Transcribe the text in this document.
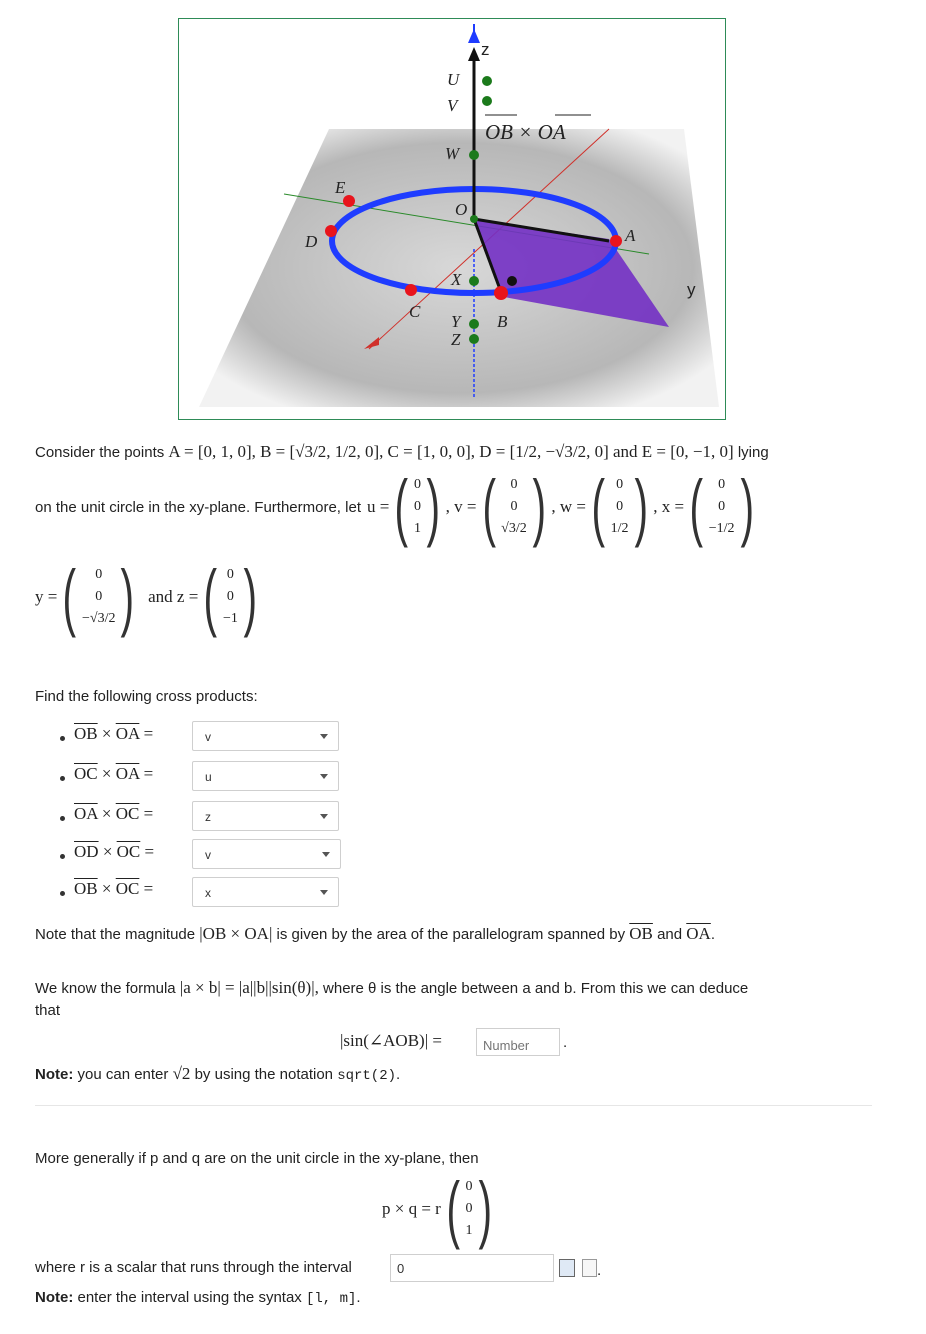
z
y
U
V
W
O
X
Y
Z
A
B
C
D
E
OB × OA
Consider the points A = [0, 1, 0], B = [√3/2, 1/2, 0], C = [1, 0, 0], D = [1/2, −√3/2, 0] and E = [0, −1, 0] lying
on the unit circle in the xy-plane. Furthermore, let u = ( 0
0
1 ) , v = ( 0
0
√3/2 ) , w = ( 0
0
1/2 ) , x = ( 0
0
−1/2 )
y = ( 0
0
−√3/2 ) and z = ( 0
0
−1 )
Find the following cross products:
$\overline{OB} \times \overline{OA}$ =	v
$\overline{OC} \times \overline{OA}$ =	u
$\overline{OA} \times \overline{OC}$ =	z
$\overline{OD} \times \overline{OC}$ =	v
$\overline{OB} \times \overline{OC}$ =	x
Note that the magnitude |OB × OA| is given by the area of the parallelogram spanned by $\overline{OB}$ and $\overline{OA}$.
We know the formula |a × b| = |a||b||sin(θ)|, where θ is the angle between a and b. From this we can deduce
that
|sin(∠AOB)| =
Number	.
Note: you can enter √2 by using the notation sqrt(2).
More generally if p and q are on the unit circle in the xy-plane, then
p × q = r ( 0
0
1 )
where r is a scalar that runs through the interval	0	.
Note: enter the interval using the syntax [l, m].
